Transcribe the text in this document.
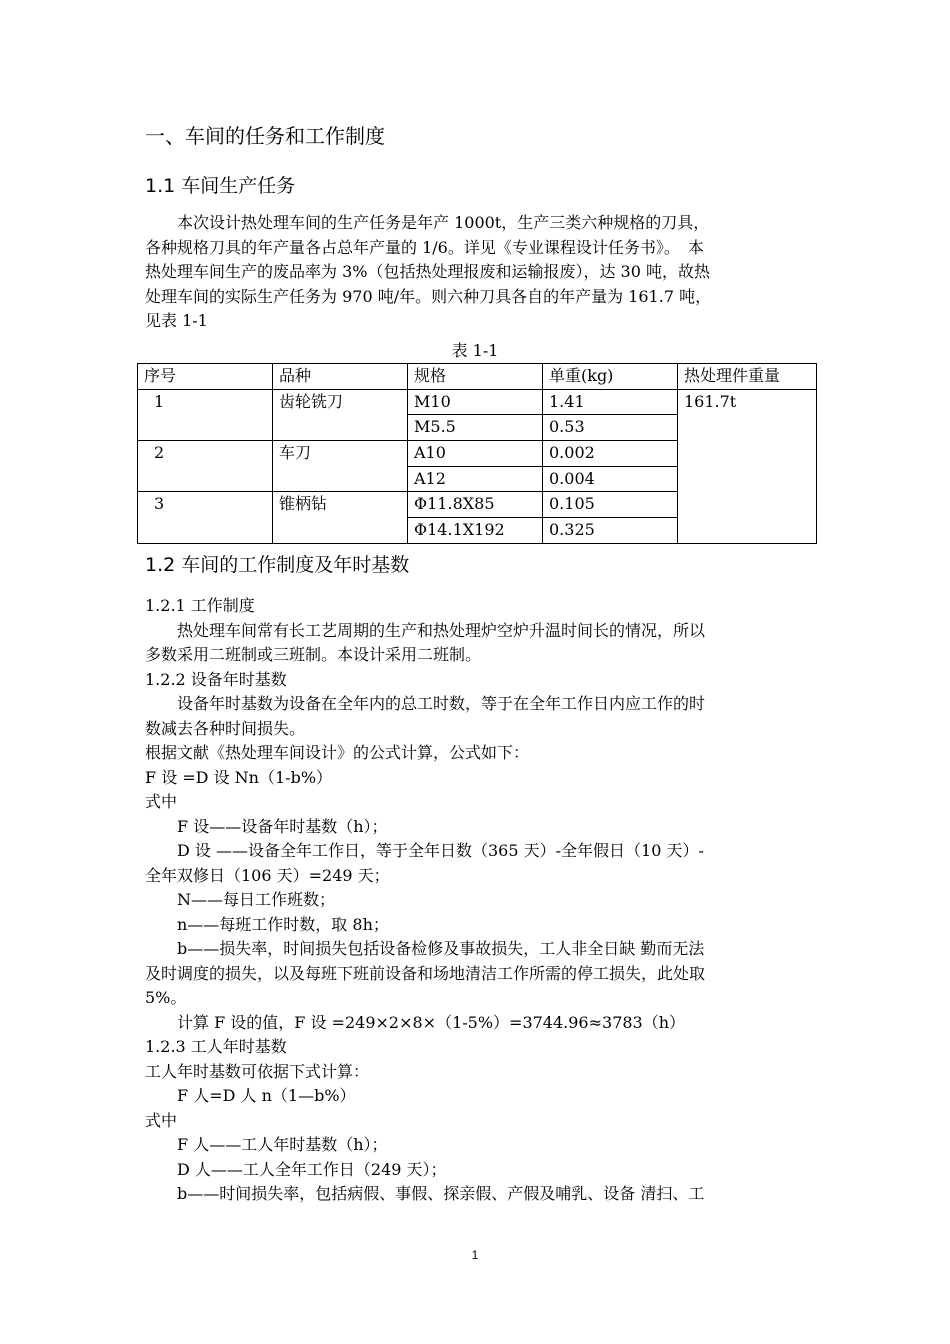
一、车间的任务和工作制度
1.1 车间生产任务
　　本次设计热处理车间的生产任务是年产 1000t，生产三类六种规格的刀具，
各种规格刀具的年产量各占总年产量的 1/6。详见《专业课程设计任务书》。　本
热处理车间生产的废品率为 3%（包括热处理报废和运输报废），达 30 吨，故热
处理车间的实际生产任务为 970 吨/年。则六种刀具各自的年产量为 161.7 吨，
见表 1-1
表 1-1
序号	品种	规格	单重(kg)	热处理件重量
1	齿轮铣刀	M10	1.41	161.7t
		M5.5	0.53	
2	车刀	A10	0.002	
		A12	0.004	
3	锥柄钻	Φ11.8X85	0.105	
		Φ14.1X192	0.325	
1.2 车间的工作制度及年时基数
1.2.1 工作制度
　　热处理车间常有长工艺周期的生产和热处理炉空炉升温时间长的情况，所以
多数采用二班制或三班制。本设计采用二班制。
1.2.2 设备年时基数
　　设备年时基数为设备在全年内的总工时数，等于在全年工作日内应工作的时
数减去各种时间损失。
根据文献《热处理车间设计》的公式计算，公式如下：
F 设 =D 设 Nn（1-b%）
式中
　　F 设——设备年时基数（h）；
　　D 设 ——设备全年工作日，等于全年日数（365 天）-全年假日（10 天）-
全年双修日（106 天）=249 天；
　　N——每日工作班数；
　　n——每班工作时数，取 8h；
　　b——损失率，时间损失包括设备检修及事故损失，工人非全日缺 勤而无法
及时调度的损失，以及每班下班前设备和场地清洁工作所需的停工损失，此处取
5%。
　　计算 F 设的值，F 设 =249×2×8×（1-5%）=3744.96≈3783（h）
1.2.3 工人年时基数
工人年时基数可依据下式计算：
　　F 人=D 人 n（1—b%）
式中
　　F 人——工人年时基数（h）；
　　D 人——工人全年工作日（249 天）；
　　b——时间损失率，包括病假、事假、探亲假、产假及哺乳、设备 清扫、工
1
